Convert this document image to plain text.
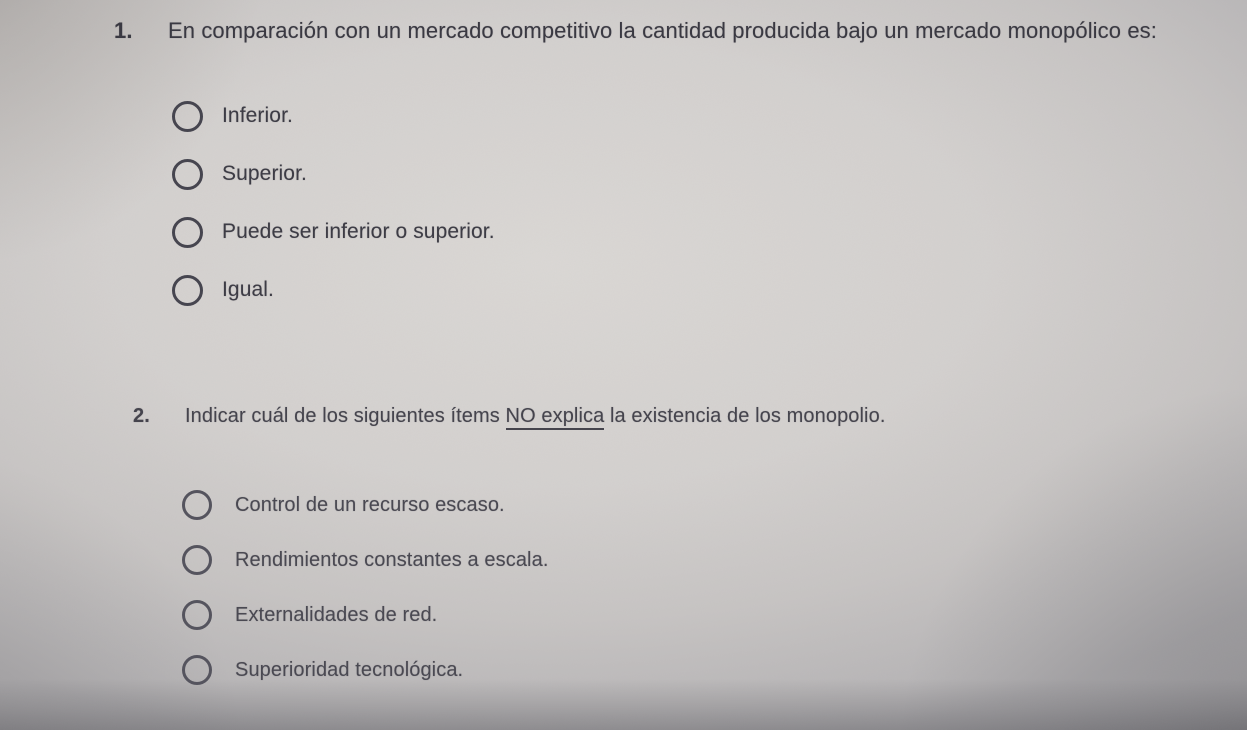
1.	En comparación con un mercado competitivo la cantidad producida bajo un mercado monopólico es:
Inferior.
Superior.
Puede ser inferior o superior.
Igual.
2.	Indicar cuál de los siguientes ítems NO explica la existencia de los monopolio.
Control de un recurso escaso.
Rendimientos constantes a escala.
Externalidades de red.
Superioridad tecnológica.
